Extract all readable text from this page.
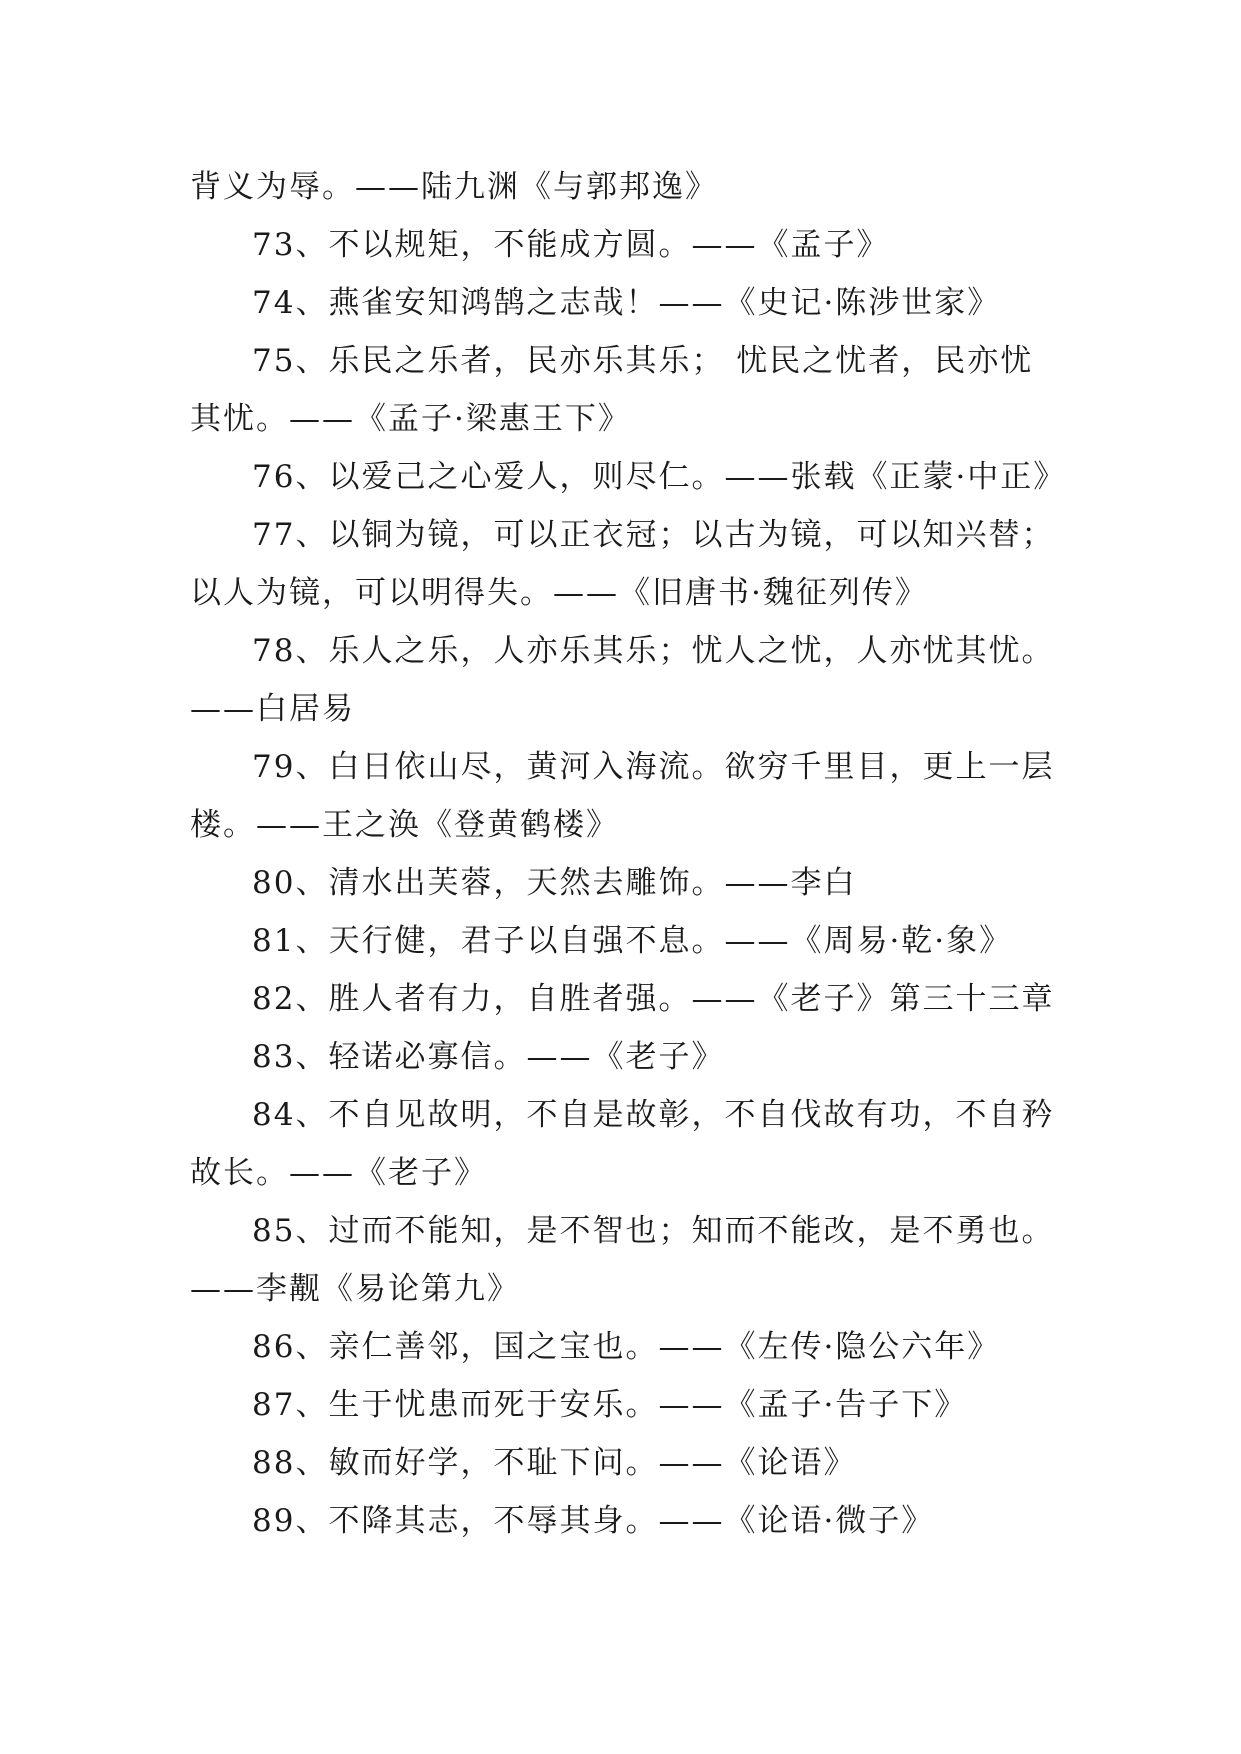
背义为辱。——陆九渊《与郭邦逸》
73、不以规矩，不能成方圆。——《孟子》
74、燕雀安知鸿鹄之志哉！——《史记·陈涉世家》
75、乐民之乐者，民亦乐其乐； 忧民之忧者，民亦忧
其忧。——《孟子·梁惠王下》
76、以爱己之心爱人，则尽仁。——张载《正蒙·中正》
77、以铜为镜，可以正衣冠；以古为镜，可以知兴替；
以人为镜，可以明得失。——《旧唐书·魏征列传》
78、乐人之乐，人亦乐其乐；忧人之忧，人亦忧其忧。
——白居易
79、白日依山尽，黄河入海流。欲穷千里目，更上一层
楼。——王之涣《登黄鹤楼》
80、清水出芙蓉，天然去雕饰。——李白
81、天行健，君子以自强不息。——《周易·乾·象》
82、胜人者有力，自胜者强。——《老子》第三十三章
83、轻诺必寡信。——《老子》
84、不自见故明，不自是故彰，不自伐故有功，不自矜
故长。——《老子》
85、过而不能知，是不智也；知而不能改，是不勇也。
——李觏《易论第九》
86、亲仁善邻，国之宝也。——《左传·隐公六年》
87、生于忧患而死于安乐。——《孟子·告子下》
88、敏而好学，不耻下问。——《论语》
89、不降其志，不辱其身。——《论语·微子》
